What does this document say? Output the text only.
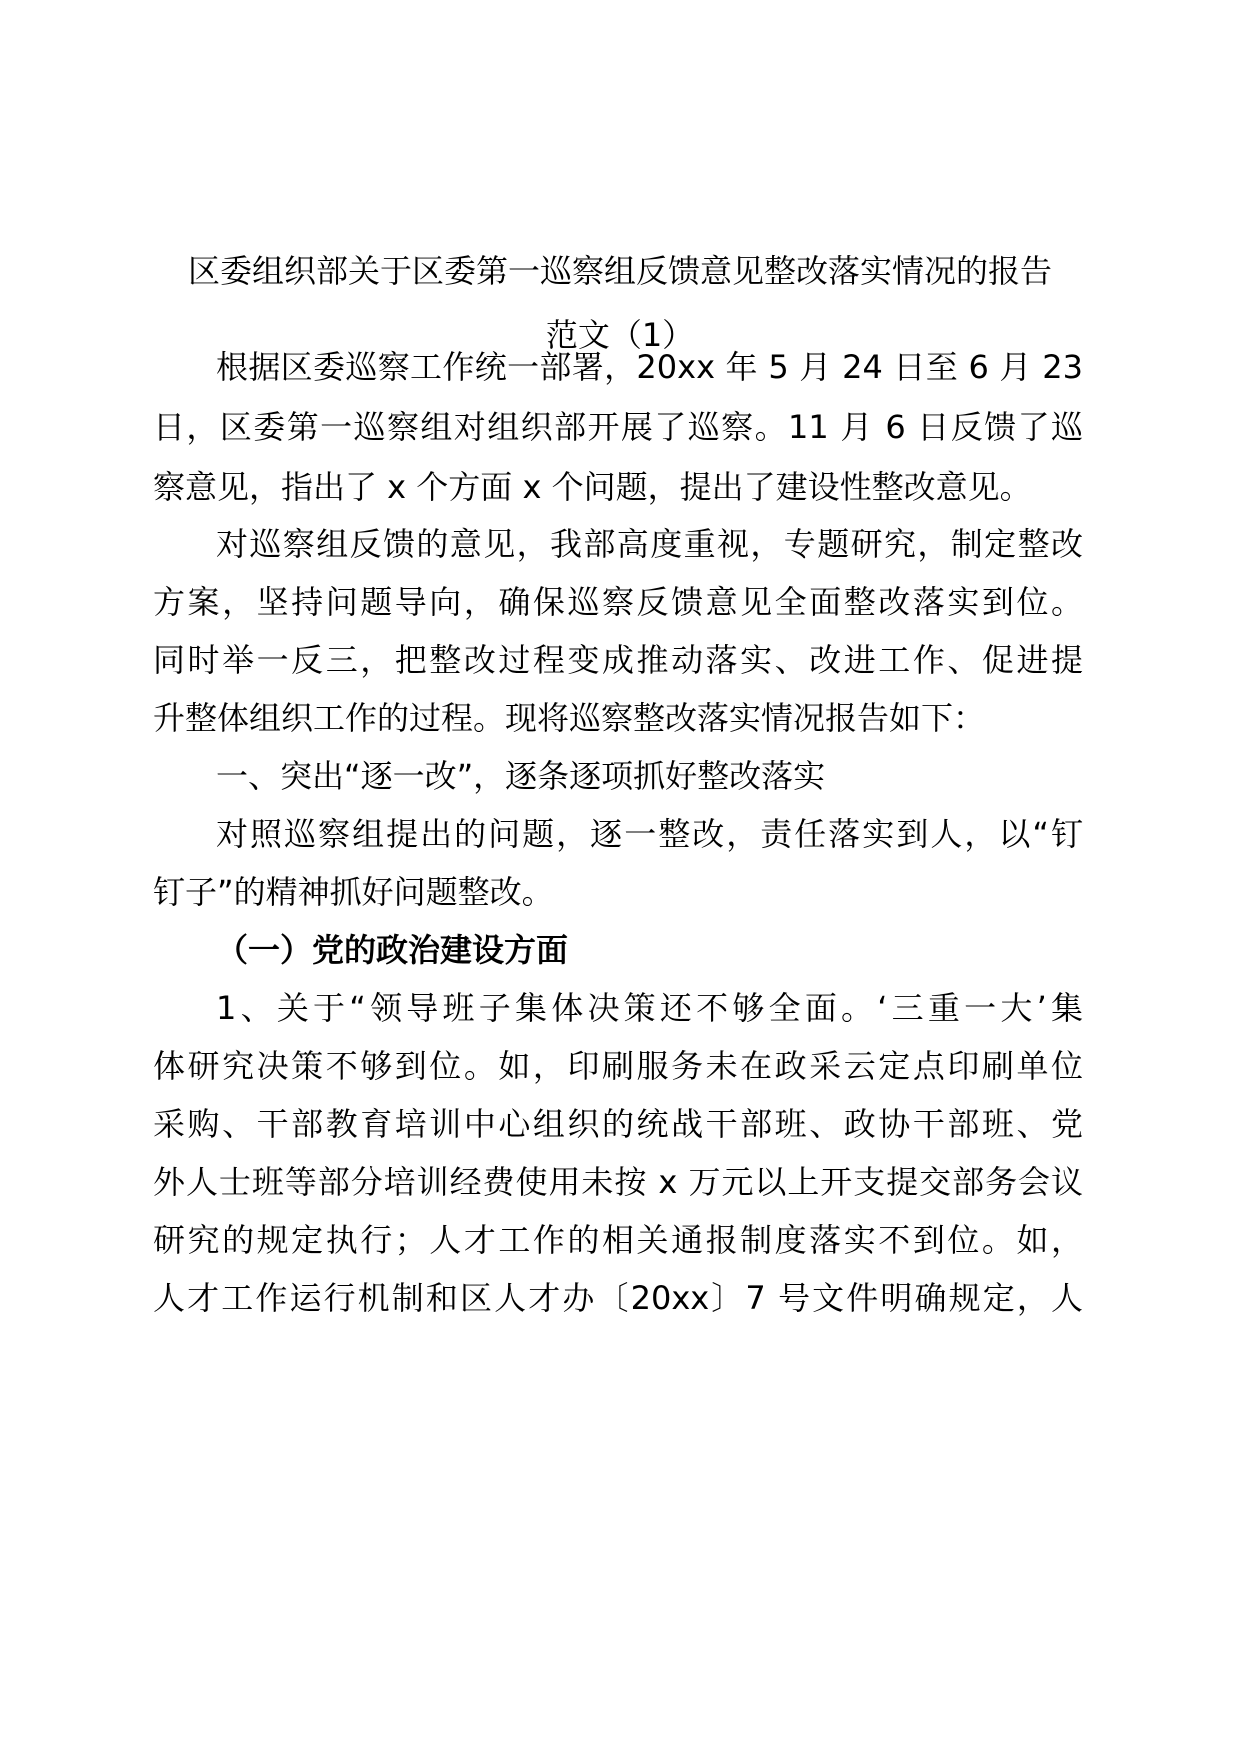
区委组织部关于区委第一巡察组反馈意见整改落实情况的报告
范文（1）

根据区委巡察工作统一部署，20xx 年 5 月 24 日至 6 月 23

日，区委第一巡察组对组织部开展了巡察。11 月 6 日反馈了巡

察意见，指出了 x 个方面 x 个问题，提出了建设性整改意见。

对巡察组反馈的意见，我部高度重视，专题研究，制定整改

方案，坚持问题导向，确保巡察反馈意见全面整改落实到位。

同时举一反三，把整改过程变成推动落实、改进工作、促进提

升整体组织工作的过程。现将巡察整改落实情况报告如下：

一、突出“逐一改”，逐条逐项抓好整改落实

对照巡察组提出的问题，逐一整改，责任落实到人，以“钉

钉子”的精神抓好问题整改。

（一）党的政治建设方面

1、关于“领导班子集体决策还不够全面。‘三重一大’集

体研究决策不够到位。如，印刷服务未在政采云定点印刷单位

采购、干部教育培训中心组织的统战干部班、政协干部班、党

外人士班等部分培训经费使用未按 x 万元以上开支提交部务会议

研究的规定执行；人才工作的相关通报制度落实不到位。如，

人才工作运行机制和区人才办〔20xx〕7 号文件明确规定，人
